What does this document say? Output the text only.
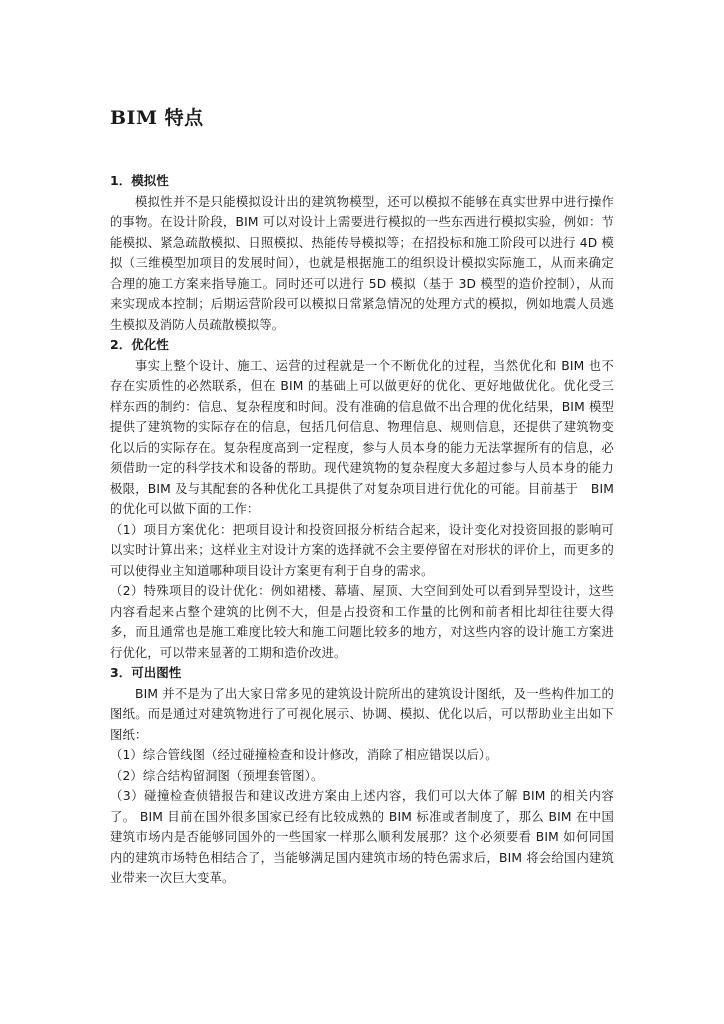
BIM 特点
1．模拟性

模拟性并不是只能模拟设计出的建筑物模型，还可以模拟不能够在真实世界中进行操作的事物。在设计阶段，BIM 可以对设计上需要进行模拟的一些东西进行模拟实验，例如：节能模拟、紧急疏散模拟、日照模拟、热能传导模拟等；在招投标和施工阶段可以进行 4D 模拟（三维模型加项目的发展时间），也就是根据施工的组织设计模拟实际施工，从而来确定合理的施工方案来指导施工。同时还可以进行 5D 模拟（基于 3D 模型的造价控制），从而来实现成本控制；后期运营阶段可以模拟日常紧急情况的处理方式的模拟，例如地震人员逃生模拟及消防人员疏散模拟等。

2．优化性

事实上整个设计、施工、运营的过程就是一个不断优化的过程，当然优化和 BIM 也不存在实质性的必然联系，但在 BIM 的基础上可以做更好的优化、更好地做优化。优化受三样东西的制约：信息、复杂程度和时间。没有准确的信息做不出合理的优化结果，BIM 模型提供了建筑物的实际存在的信息，包括几何信息、物理信息、规则信息，还提供了建筑物变化以后的实际存在。复杂程度高到一定程度，参与人员本身的能力无法掌握所有的信息，必须借助一定的科学技术和设备的帮助。现代建筑物的复杂程度大多超过参与人员本身的能力极限，BIM 及与其配套的各种优化工具提供了对复杂项目进行优化的可能。目前基于　BIM 的优化可以做下面的工作：

（1）项目方案优化：把项目设计和投资回报分析结合起来，设计变化对投资回报的影响可以实时计算出来；这样业主对设计方案的选择就不会主要停留在对形状的评价上，而更多的可以使得业主知道哪种项目设计方案更有利于自身的需求。

（2）特殊项目的设计优化：例如裙楼、幕墙、屋顶、大空间到处可以看到异型设计，这些内容看起来占整个建筑的比例不大，但是占投资和工作量的比例和前者相比却往往要大得多，而且通常也是施工难度比较大和施工问题比较多的地方，对这些内容的设计施工方案进行优化，可以带来显著的工期和造价改进。

3．可出图性

BIM 并不是为了出大家日常多见的建筑设计院所出的建筑设计图纸，及一些构件加工的图纸。而是通过对建筑物进行了可视化展示、协调、模拟、优化以后，可以帮助业主出如下图纸：

（1）综合管线图（经过碰撞检查和设计修改，消除了相应错误以后）。

（2）综合结构留洞图（预埋套管图）。

（3）碰撞检查侦错报告和建议改进方案由上述内容，我们可以大体了解 BIM 的相关内容了。 BIM 目前在国外很多国家已经有比较成熟的 BIM 标准或者制度了，那么 BIM 在中国建筑市场内是否能够同国外的一些国家一样那么顺利发展那？这个必须要看 BIM 如何同国内的建筑市场特色相结合了，当能够满足国内建筑市场的特色需求后，BIM 将会给国内建筑业带来一次巨大变革。
